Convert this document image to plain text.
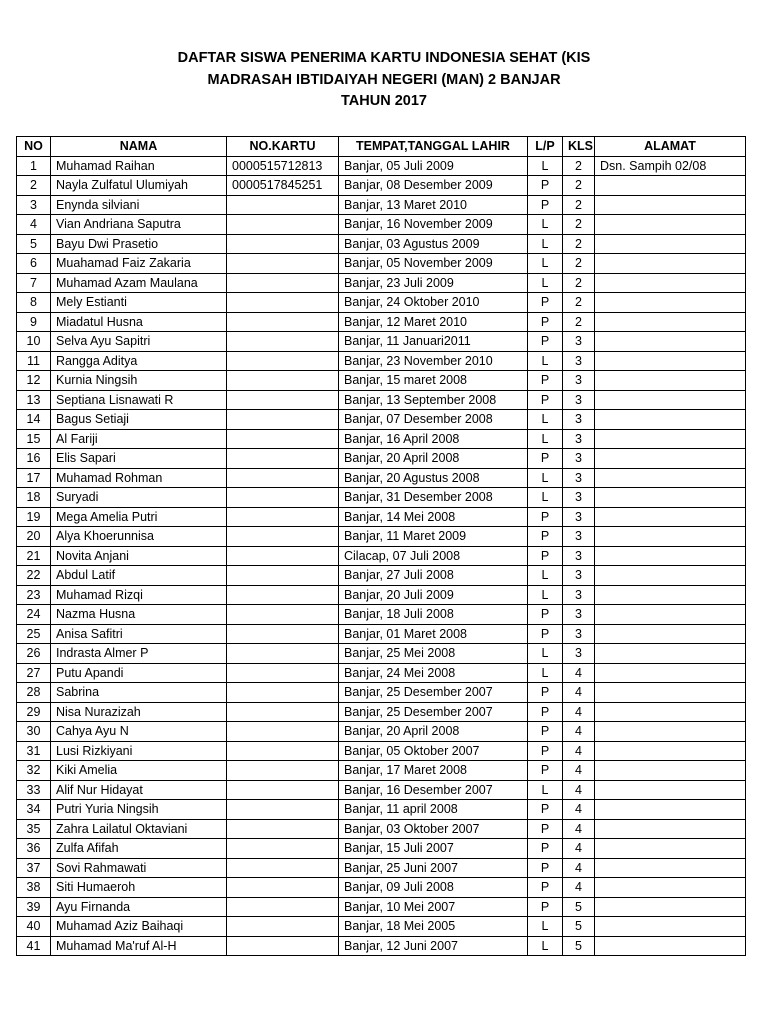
DAFTAR SISWA PENERIMA KARTU INDONESIA SEHAT (KIS
MADRASAH IBTIDAIYAH NEGERI (MAN) 2 BANJAR
TAHUN 2017
NO	NAMA	NO.KARTU	TEMPAT,TANGGAL LAHIR	L/P	KLS	ALAMAT
1	Muhamad Raihan	0000515712813	Banjar, 05 Juli 2009	L	2	Dsn. Sampih 02/08
2	Nayla Zulfatul Ulumiyah	0000517845251	Banjar, 08 Desember 2009	P	2	
3	Enynda silviani		Banjar, 13 Maret 2010	P	2	
4	Vian Andriana Saputra		Banjar, 16 November 2009	L	2	
5	Bayu Dwi Prasetio		Banjar, 03 Agustus 2009	L	2	
6	Muahamad Faiz Zakaria		Banjar, 05 November 2009	L	2	
7	Muhamad Azam Maulana		Banjar, 23 Juli 2009	L	2	
8	Mely Estianti		Banjar, 24 Oktober 2010	P	2	
9	Miadatul Husna		Banjar, 12 Maret 2010	P	2	
10	Selva Ayu Sapitri		Banjar, 11 Januari2011	P	3	
11	Rangga Aditya		Banjar, 23 November 2010	L	3	
12	Kurnia Ningsih		Banjar, 15 maret 2008	P	3	
13	Septiana Lisnawati R		Banjar, 13 September 2008	P	3	
14	Bagus Setiaji		Banjar, 07 Desember 2008	L	3	
15	Al Fariji		Banjar, 16 April 2008	L	3	
16	Elis Sapari		Banjar, 20 April 2008	P	3	
17	Muhamad Rohman		Banjar, 20 Agustus 2008	L	3	
18	Suryadi		Banjar, 31 Desember 2008	L	3	
19	Mega Amelia Putri		Banjar, 14 Mei 2008	P	3	
20	Alya Khoerunnisa		Banjar, 11 Maret 2009	P	3	
21	Novita Anjani		Cilacap, 07 Juli 2008	P	3	
22	Abdul Latif		Banjar, 27 Juli 2008	L	3	
23	Muhamad Rizqi		Banjar, 20 Juli 2009	L	3	
24	Nazma Husna		Banjar, 18 Juli 2008	P	3	
25	Anisa Safitri		Banjar, 01 Maret 2008	P	3	
26	Indrasta Almer P		Banjar, 25 Mei 2008	L	3	
27	Putu Apandi		Banjar, 24 Mei 2008	L	4	
28	Sabrina		Banjar, 25 Desember 2007	P	4	
29	Nisa Nurazizah		Banjar, 25 Desember 2007	P	4	
30	Cahya Ayu N		Banjar, 20 April 2008	P	4	
31	Lusi Rizkiyani		Banjar, 05 Oktober 2007	P	4	
32	Kiki Amelia		Banjar, 17 Maret 2008	P	4	
33	Alif Nur Hidayat		Banjar, 16 Desember 2007	L	4	
34	Putri Yuria Ningsih		Banjar, 11 april 2008	P	4	
35	Zahra Lailatul Oktaviani		Banjar, 03 Oktober 2007	P	4	
36	Zulfa Afifah		Banjar, 15 Juli 2007	P	4	
37	Sovi Rahmawati		Banjar, 25 Juni 2007	P	4	
38	Siti Humaeroh		Banjar, 09 Juli 2008	P	4	
39	Ayu Firnanda		Banjar, 10 Mei 2007	P	5	
40	Muhamad Aziz Baihaqi		Banjar, 18 Mei 2005	L	5	
41	Muhamad Ma'ruf Al-H		Banjar, 12 Juni 2007	L	5	
